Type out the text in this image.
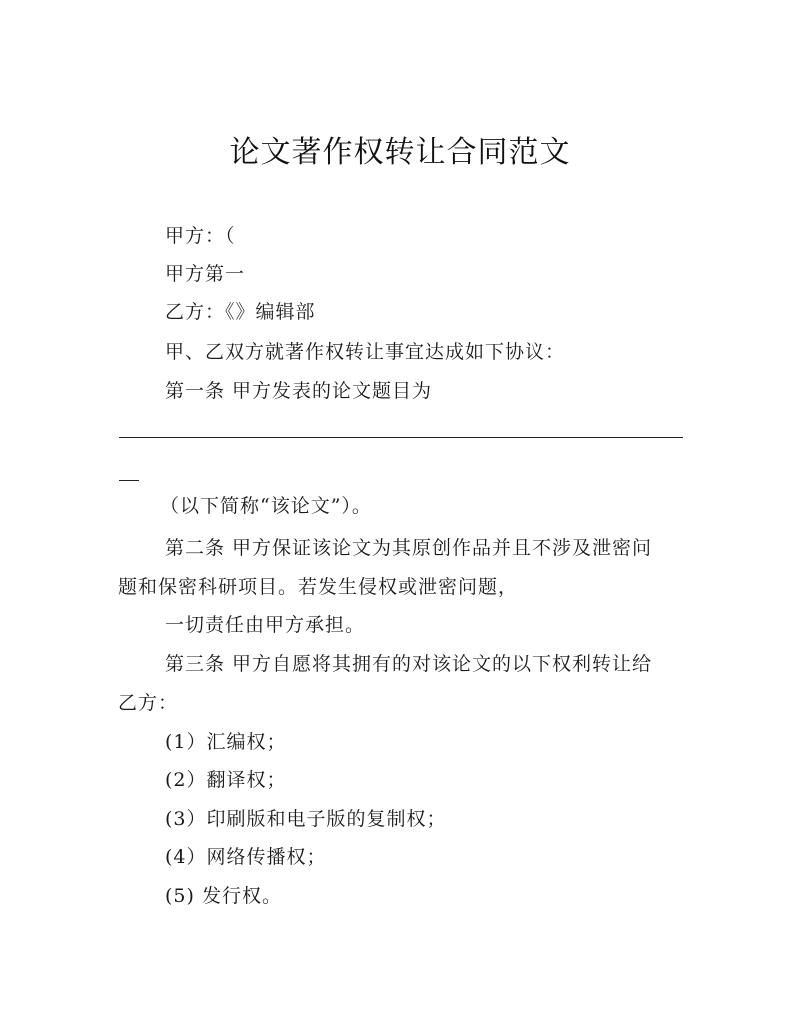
论文著作权转让合同范文
甲方：（
甲方第一
乙方：《》编辑部
甲、乙双方就著作权转让事宜达成如下协议：
第一条 甲方发表的论文题目为
（以下简称“该论文”）。
第二条 甲方保证该论文为其原创作品并且不涉及泄密问
题和保密科研项目。若发生侵权或泄密问题，
一切责任由甲方承担。
第三条 甲方自愿将其拥有的对该论文的以下权利转让给
乙方：
(1）汇编权；
(2）翻译权；
(3）印刷版和电子版的复制权；
(4）网络传播权；
(5) 发行权。
